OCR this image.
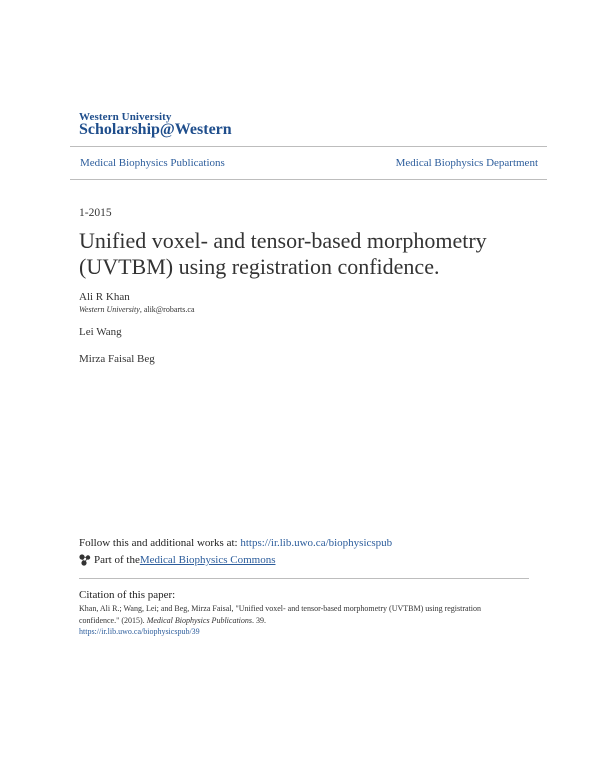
Western University
Scholarship@Western
Medical Biophysics Publications	Medical Biophysics Department
1-2015
Unified voxel- and tensor-based morphometry (UVTBM) using registration confidence.
Ali R Khan
Western University, alik@robarts.ca
Lei Wang
Mirza Faisal Beg
Follow this and additional works at: https://ir.lib.uwo.ca/biophysicspub
Part of the Medical Biophysics Commons
Citation of this paper:
Khan, Ali R.; Wang, Lei; and Beg, Mirza Faisal, "Unified voxel- and tensor-based morphometry (UVTBM) using registration confidence." (2015). Medical Biophysics Publications. 39.
https://ir.lib.uwo.ca/biophysicspub/39
